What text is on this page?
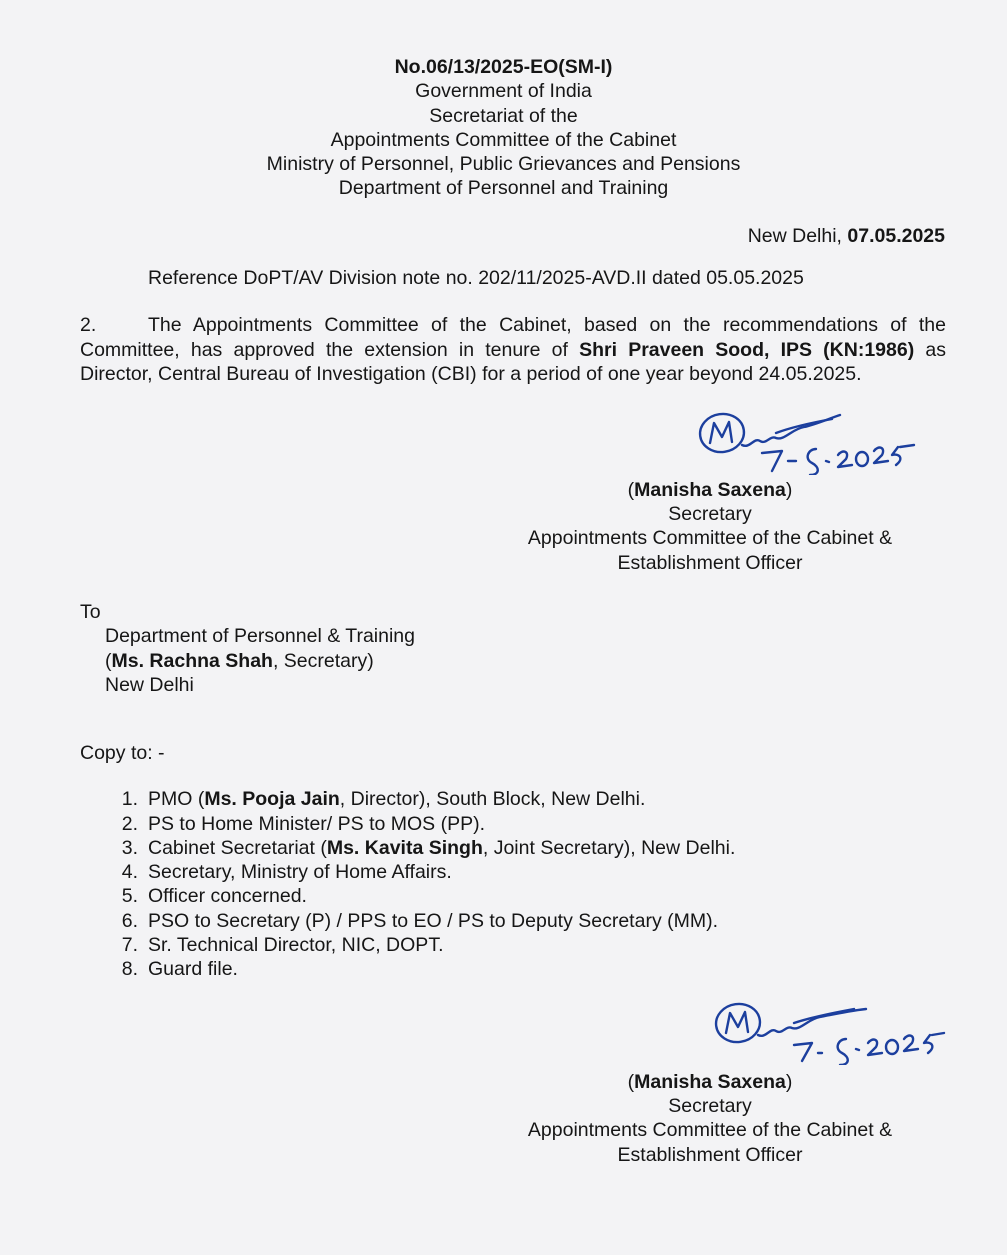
No.06/13/2025-EO(SM-I)
Government of India
Secretariat of the
Appointments Committee of the Cabinet
Ministry of Personnel, Public Grievances and Pensions
Department of Personnel and Training
New Delhi, 07.05.2025
Reference DoPT/AV Division note no. 202/11/2025-AVD.II dated 05.05.2025
2.	The Appointments Committee of the Cabinet, based on the recommendations of the Committee, has approved the extension in tenure of Shri Praveen Sood, IPS (KN:1986) as Director, Central Bureau of Investigation (CBI) for a period of one year beyond 24.05.2025.
(Manisha Saxena)
Secretary
Appointments Committee of the Cabinet &
Establishment Officer
To
Department of Personnel & Training
(Ms. Rachna Shah, Secretary)
New Delhi
Copy to: -
1. PMO (Ms. Pooja Jain, Director), South Block, New Delhi.
2. PS to Home Minister/ PS to MOS (PP).
3. Cabinet Secretariat (Ms. Kavita Singh, Joint Secretary), New Delhi.
4. Secretary, Ministry of Home Affairs.
5. Officer concerned.
6. PSO to Secretary (P) / PPS to EO / PS to Deputy Secretary (MM).
7. Sr. Technical Director, NIC, DOPT.
8. Guard file.
(Manisha Saxena)
Secretary
Appointments Committee of the Cabinet &
Establishment Officer
